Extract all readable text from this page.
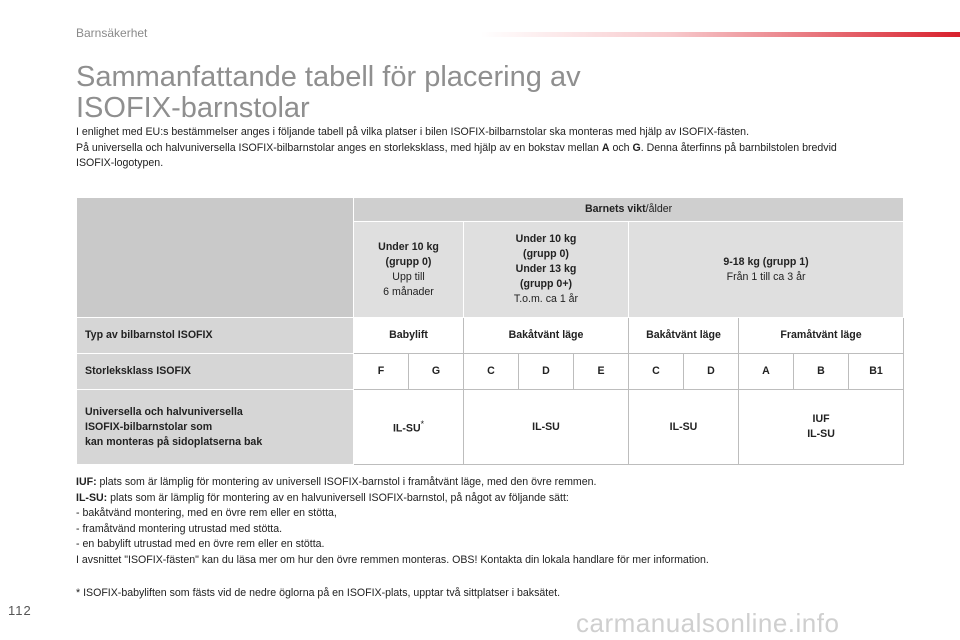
Barnsäkerhet
Sammanfattande tabell för placering av
ISOFIX-barnstolar

I enlighet med EU:s bestämmelser anges i följande tabell på vilka platser i bilen ISOFIX-bilbarnstolar ska monteras med hjälp av ISOFIX-fästen.

På universella och halvuniversella ISOFIX-bilbarnstolar anges en storleksklass, med hjälp av en bokstav mellan A och G. Denna återfinns på barnbilstolen bredvid ISOFIX-logotypen.

	Barnets vikt/ålder									
	Under 10 kg
(grupp 0)
Upp till
6 månader		Under 10 kg
(grupp 0)
Under 13 kg
(grupp 0+)
T.o.m. ca 1 år			9-18 kg (grupp 1)
Från 1 till ca 3 år				
Typ av bilbarnstol ISOFIX	Babylift		Bakåtvänt läge			Bakåtvänt läge		Framåtvänt läge		
Storleksklass ISOFIX	F	G	C	D	E	C	D	A	B	B1
Universella och halvuniversella
ISOFIX-bilbarnstolar som
kan monteras på sidoplatserna bak	IL-SU*		IL-SU			IL-SU		IUF
IL-SU		

IUF: plats som är lämplig för montering av universell ISOFIX-barnstol i framåtvänt läge, med den övre remmen.

IL-SU: plats som är lämplig för montering av en halvuniversell ISOFIX-barnstol, på något av följande sätt:

- bakåtvänd montering, med en övre rem eller en stötta,

- framåtvänd montering utrustad med stötta.

- en babylift utrustad med en övre rem eller en stötta.

I avsnittet "ISOFIX-fästen" kan du läsa mer om hur den övre remmen monteras. OBS! Kontakta din lokala handlare för mer information.

* ISOFIX-babyliften som fästs vid de nedre öglorna på en ISOFIX-plats, upptar två sittplatser i baksätet.
112	carmanualsonline.info
